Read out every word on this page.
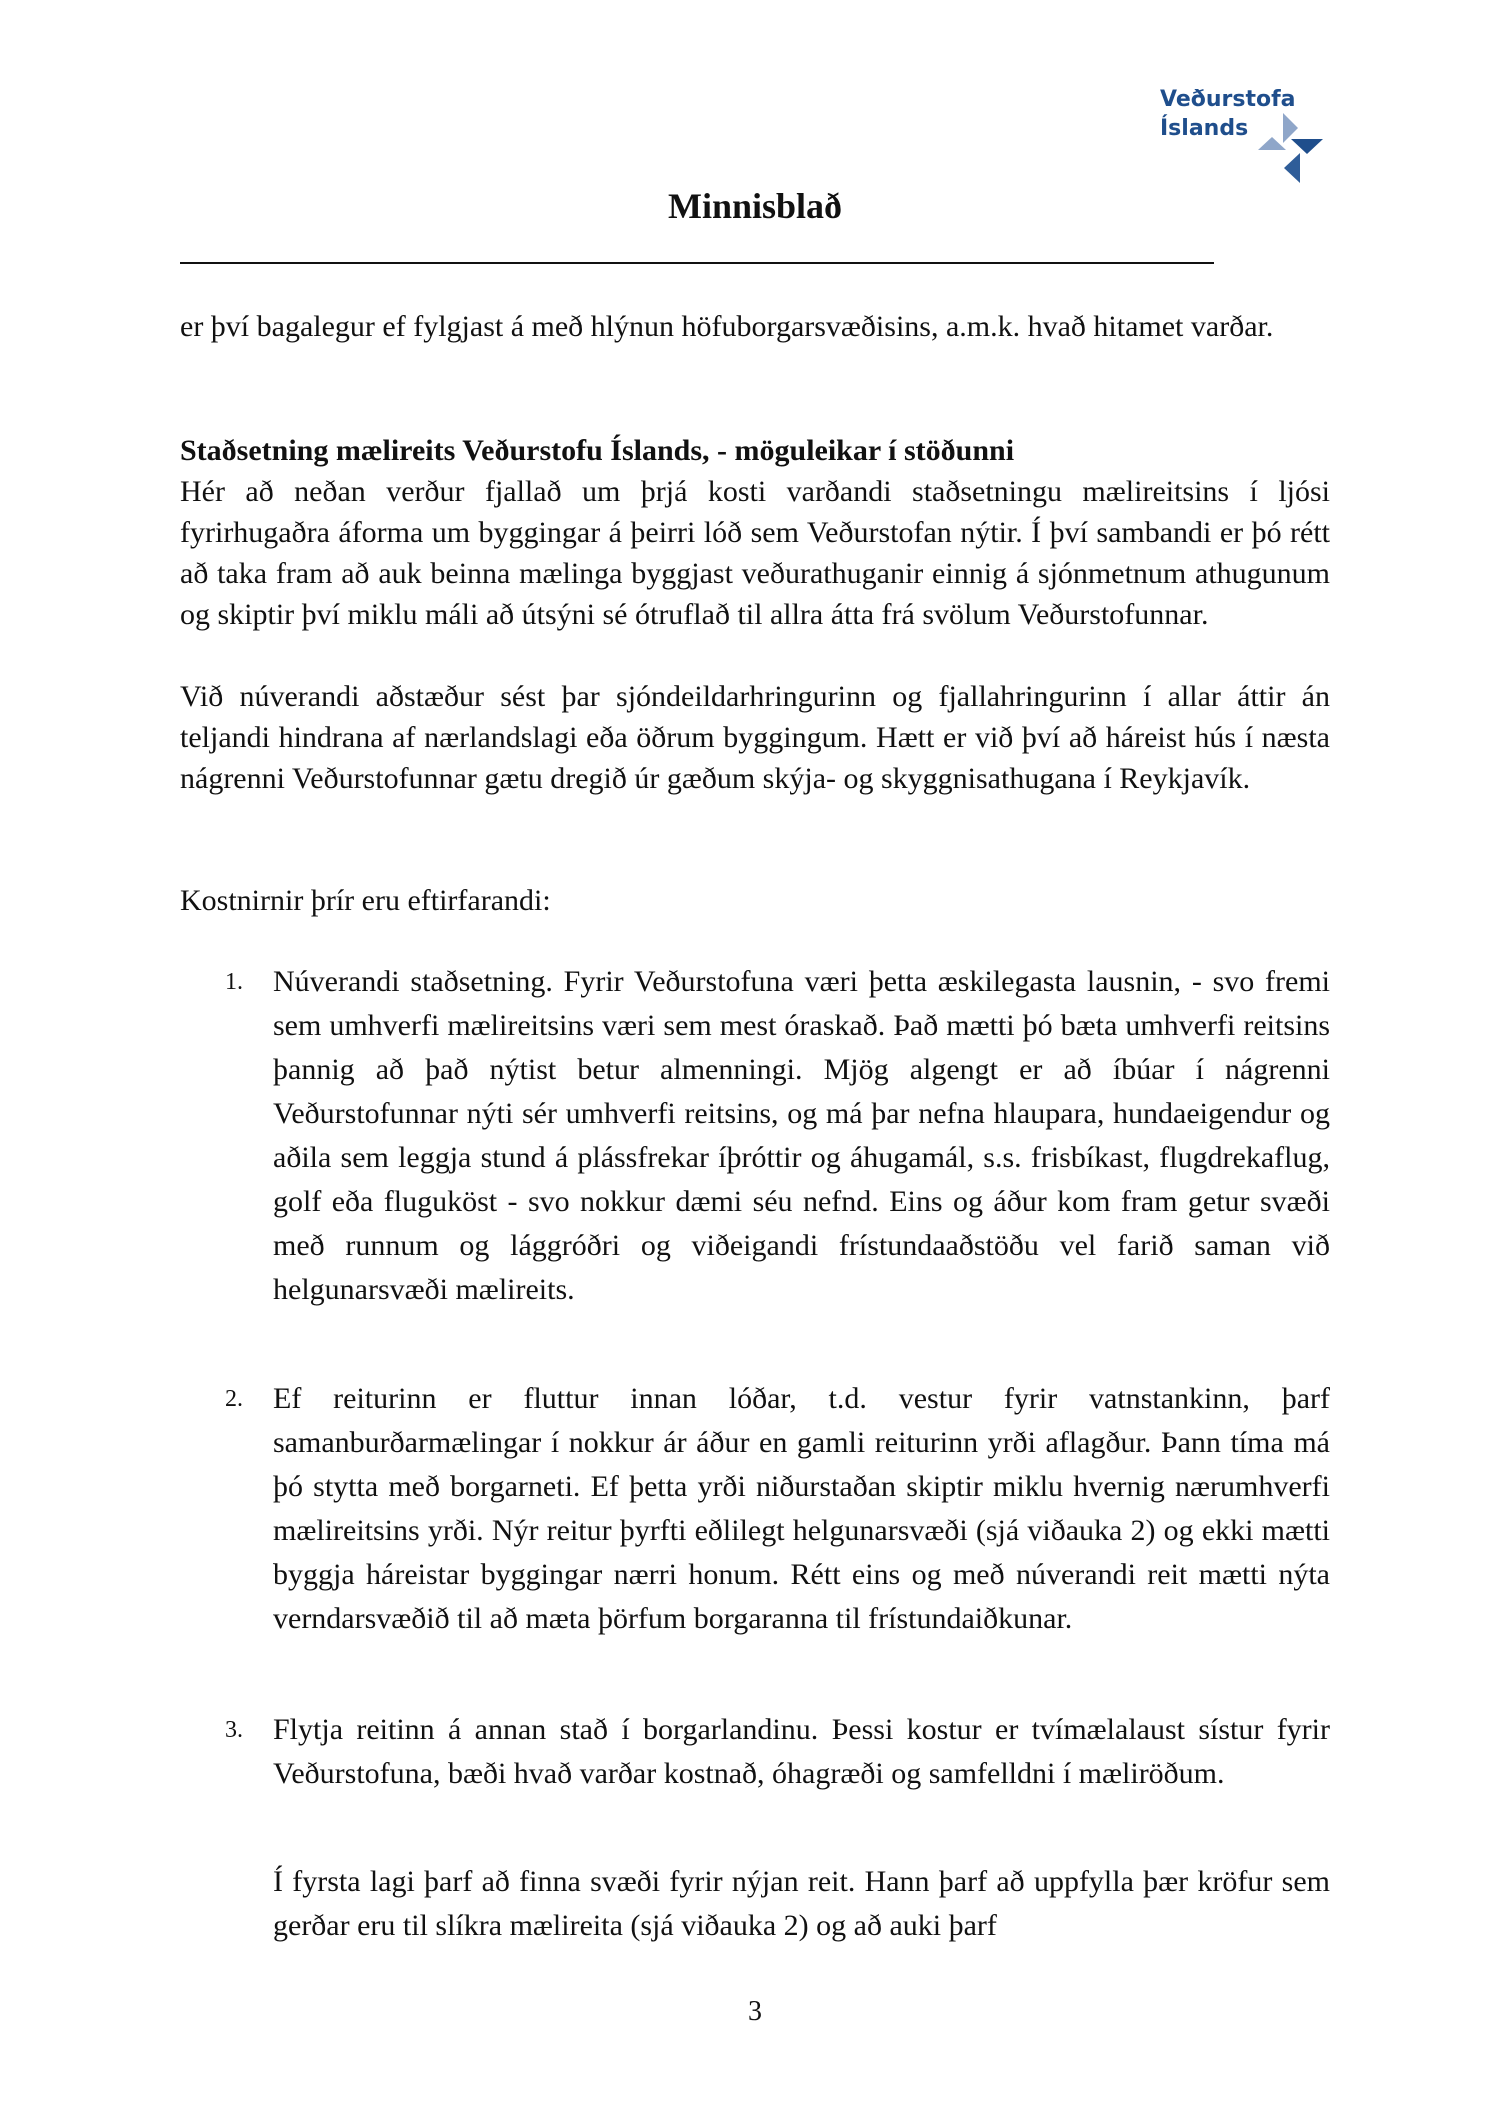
Veðurstofa
Íslands
Minnisblað
er því bagalegur ef fylgjast á með hlýnun höfuborgarsvæðisins, a.m.k. hvað hitamet varðar.
Staðsetning mælireits Veðurstofu Íslands, - möguleikar í stöðunni
Hér að neðan verður fjallað um þrjá kosti varðandi staðsetningu mælireitsins í ljósi fyrirhugaðra áforma um byggingar á þeirri lóð sem Veðurstofan nýtir. Í því sambandi er þó rétt að taka fram að auk beinna mælinga byggjast veðurathuganir einnig á sjónmetnum athugunum og skiptir því miklu máli að útsýni sé ótruflað til allra átta frá svölum Veðurstofunnar.
Við núverandi aðstæður sést þar sjóndeildarhringurinn og fjallahringurinn í allar áttir án teljandi hindrana af nærlandslagi eða öðrum byggingum. Hætt er við því að háreist hús í næsta nágrenni Veðurstofunnar gætu dregið úr gæðum skýja- og skyggnisathugana í Reykjavík.
Kostnirnir þrír eru eftirfarandi:
1. Núverandi staðsetning. Fyrir Veðurstofuna væri þetta æskilegasta lausnin, - svo fremi sem umhverfi mælireitsins væri sem mest óraskað. Það mætti þó bæta umhverfi reitsins þannig að það nýtist betur almenningi. Mjög algengt er að íbúar í nágrenni Veðurstofunnar nýti sér umhverfi reitsins, og má þar nefna hlaupara, hundaeigendur og aðila sem leggja stund á plássfrekar íþróttir og áhugamál, s.s. frisbíkast, flugdrekaflug, golf eða fluguköst - svo nokkur dæmi séu nefnd. Eins og áður kom fram getur svæði með runnum og lággróðri og viðeigandi frístundaaðstöðu vel farið saman við helgunarsvæði mælireits.
2. Ef reiturinn er fluttur innan lóðar, t.d. vestur fyrir vatnstankinn, þarf samanburðarmælingar í nokkur ár áður en gamli reiturinn yrði aflagður. Þann tíma má þó stytta með borgarneti. Ef þetta yrði niðurstaðan skiptir miklu hvernig nærumhverfi mælireitsins yrði. Nýr reitur þyrfti eðlilegt helgunarsvæði (sjá viðauka 2) og ekki mætti byggja háreistar byggingar nærri honum. Rétt eins og með núverandi reit mætti nýta verndarsvæðið til að mæta þörfum borgaranna til frístundaiðkunar.
3. Flytja reitinn á annan stað í borgarlandinu. Þessi kostur er tvímælalaust sístur fyrir Veðurstofuna, bæði hvað varðar kostnað, óhagræði og samfelldni í mæliröðum.
Í fyrsta lagi þarf að finna svæði fyrir nýjan reit. Hann þarf að uppfylla þær kröfur sem gerðar eru til slíkra mælireita (sjá viðauka 2) og að auki þarf
3
